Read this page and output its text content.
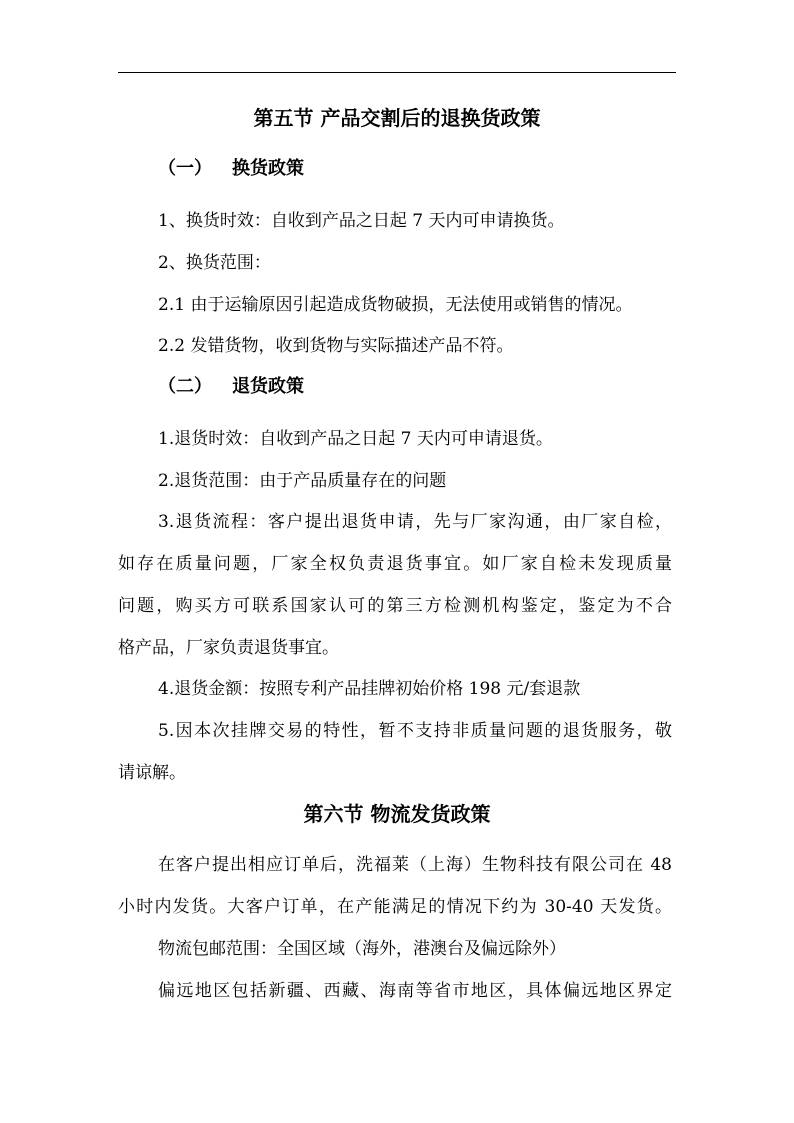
第五节 产品交割后的退换货政策
（一） 换货政策
1、换货时效：自收到产品之日起 7 天内可申请换货。
2、换货范围：
2.1 由于运输原因引起造成货物破损，无法使用或销售的情况。
2.2 发错货物，收到货物与实际描述产品不符。
（二） 退货政策
1.退货时效：自收到产品之日起 7 天内可申请退货。
2.退货范围：由于产品质量存在的问题
3.退货流程：客户提出退货申请，先与厂家沟通，由厂家自检，
如存在质量问题，厂家全权负责退货事宜。如厂家自检未发现质量
问题，购买方可联系国家认可的第三方检测机构鉴定，鉴定为不合
格产品，厂家负责退货事宜。
4.退货金额：按照专利产品挂牌初始价格 198 元/套退款
5.因本次挂牌交易的特性，暂不支持非质量问题的退货服务，敬
请谅解。
第六节 物流发货政策
在客户提出相应订单后，洗福莱（上海）生物科技有限公司在 48
小时内发货。大客户订单，在产能满足的情况下约为 30-40 天发货。
物流包邮范围：全国区域（海外，港澳台及偏远除外）
偏远地区包括新疆、西藏、海南等省市地区，具体偏远地区界定
